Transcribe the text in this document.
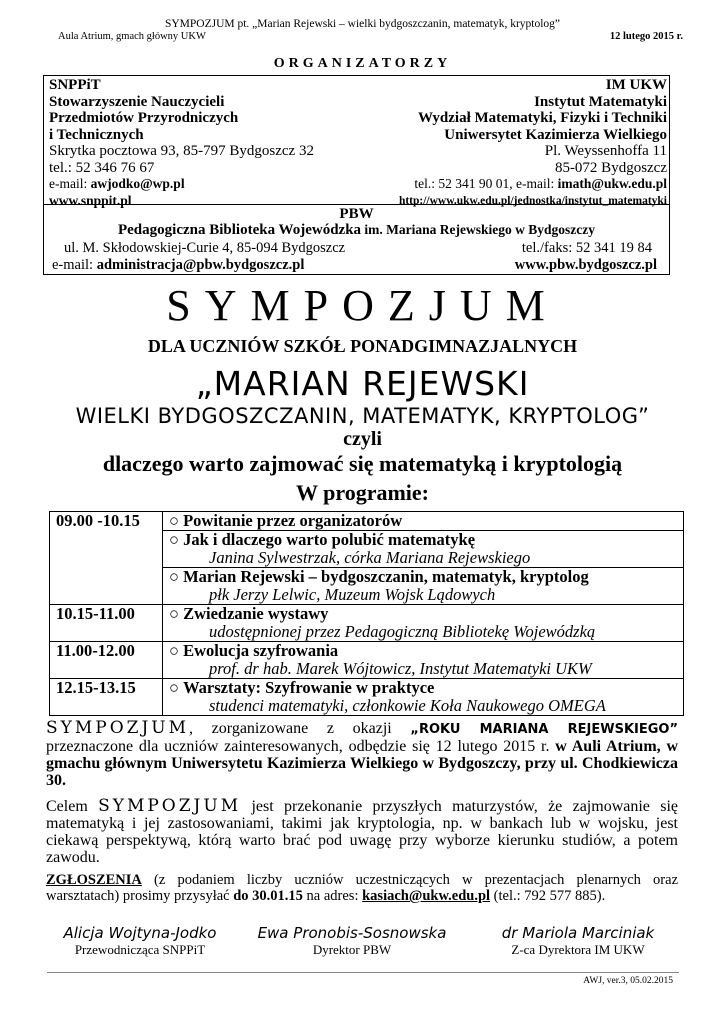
SYMPOZJUM pt. „Marian Rejewski – wielki bydgoszczanin, matematyk, kryptolog”
Aula Atrium, gmach główny UKW	12 lutego 2015 r.
ORGANIZATORZY
SNPPiT
Stowarzyszenie Nauczycieli
Przedmiotów Przyrodniczych
i Technicznych
Skrytka pocztowa 93, 85-797 Bydgoszcz 32
tel.: 52 346 76 67
e-mail: awjodko@wp.pl
www.snppit.pl
IM UKW
Instytut Matematyki
Wydział Matematyki, Fizyki i Techniki
Uniwersytet Kazimierza Wielkiego
Pl. Weyssenhoffa 11
85-072 Bydgoszcz
tel.: 52 341 90 01, e-mail: imath@ukw.edu.pl
http://www.ukw.edu.pl/jednostka/instytut_matematyki
PBW
Pedagogiczna Biblioteka Wojewódzka im. Mariana Rejewskiego w Bydgoszczy
ul. M. Skłodowskiej-Curie 4, 85-094 Bydgoszcz	tel./faks: 52 341 19 84
e-mail: administracja@pbw.bydgoszcz.pl	www.pbw.bydgoszcz.pl
SYMPOZJUM
DLA UCZNIÓW SZKÓŁ PONADGIMNAZJALNYCH
„MARIAN REJEWSKI
WIELKI BYDGOSZCZANIN, MATEMATYK, KRYPTOLOG”
czyli
dlaczego warto zajmować się matematyką i kryptologią
W programie:
09.00 -10.15	○ Powitanie przez organizatorów
	○ Jak i dlaczego warto polubić matematykę
Janina Sylwestrzak, córka Mariana Rejewskiego

	○ Marian Rejewski – bydgoszczanin, matematyk, kryptolog
płk Jerzy Lelwic, Muzeum Wojsk Lądowych

10.15-11.00	○ Zwiedzanie wystawy
udostępnionej przez Pedagogiczną Bibliotekę Wojewódzką

11.00-12.00	○ Ewolucja szyfrowania
prof. dr hab. Marek Wójtowicz, Instytut Matematyki UKW

12.15-13.15	○ Warsztaty: Szyfrowanie w praktyce
studenci matematyki, członkowie Koła Naukowego OMEGA
SYMPOZJUM, zorganizowane z okazji „ROKU MARIANA REJEWSKIEGO” przeznaczone dla uczniów zainteresowanych, odbędzie się 12 lutego 2015 r. w Auli Atrium, w gmachu głównym Uniwersytetu Kazimierza Wielkiego w Bydgoszczy, przy ul. Chodkiewicza 30.
Celem SYMPOZJUM jest przekonanie przyszłych maturzystów, że zajmowanie się matematyką i jej zastosowaniami, takimi jak kryptologia, np. w bankach lub w wojsku, jest ciekawą perspektywą, którą warto brać pod uwagę przy wyborze kierunku studiów, a potem zawodu.
ZGŁOSZENIA (z podaniem liczby uczniów uczestniczących w prezentacjach plenarnych oraz warsztatach) prosimy przysyłać do 30.01.15 na adres: kasiach@ukw.edu.pl (tel.: 792 577 885).
Alicja Wojtyna-Jodko
Przewodnicząca SNPPiT
Ewa Pronobis-Sosnowska
Dyrektor PBW
dr Mariola Marciniak
Z-ca Dyrektora IM UKW
AWJ, ver.3, 05.02.2015
